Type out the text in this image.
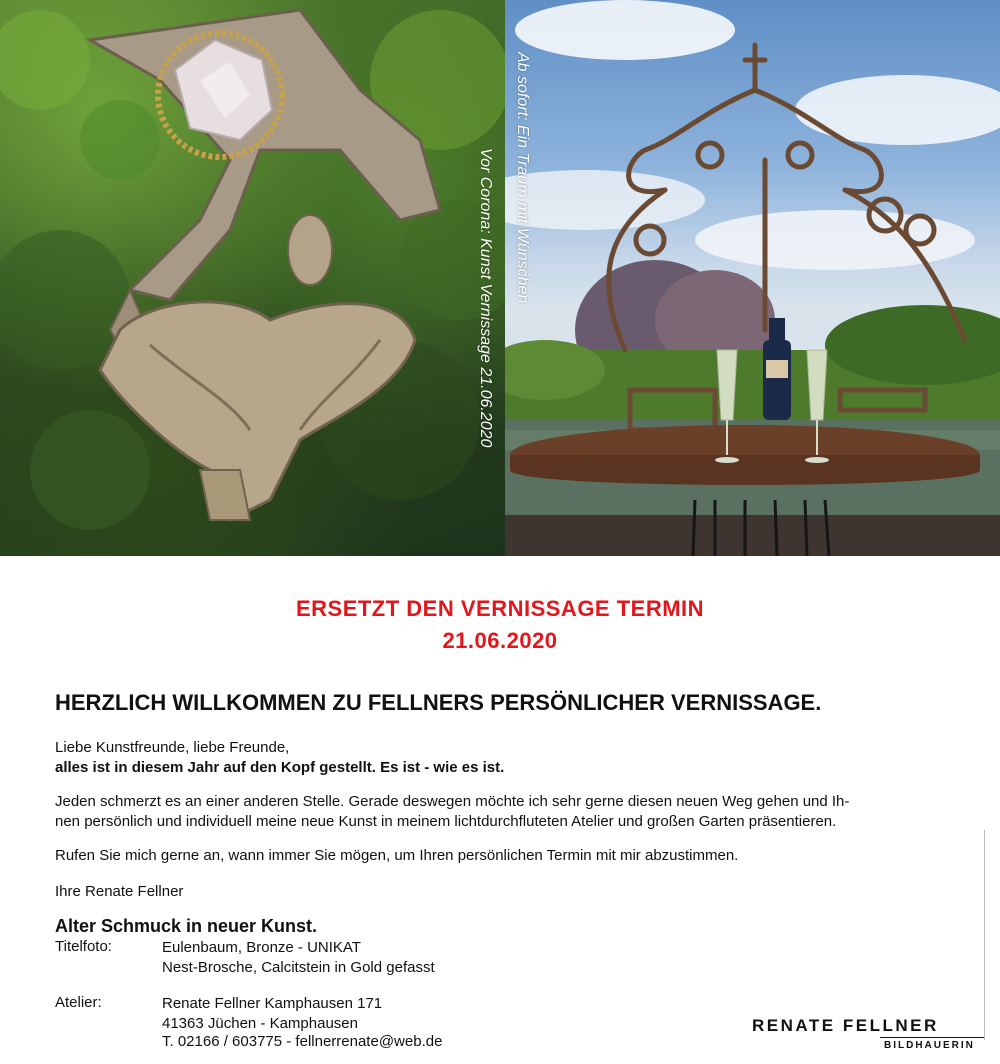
Vor Corona: Kunst Vernissage 21.06.2020 Ab sofort: Ein Traum mit Wünschen
ERSETZT DEN VERNISSAGE TERMIN
21.06.2020
HERZLICH WILLKOMMEN ZU FELLNERS PERSÖNLICHER VERNISSAGE.
Liebe Kunstfreunde, liebe Freunde,
alles ist in diesem Jahr auf den Kopf gestellt. Es ist - wie es ist.
Jeden schmerzt es an einer anderen Stelle. Gerade deswegen möchte ich sehr gerne diesen neuen Weg gehen und Ih-
nen persönlich und individuell meine neue Kunst in meinem lichtdurchfluteten Atelier und großen Garten präsentieren.
Rufen Sie mich gerne an, wann immer Sie mögen, um Ihren persönlichen Termin mit mir abzustimmen.
Ihre Renate Fellner
Alter Schmuck in neuer Kunst.
Titelfoto:	Eulenbaum, Bronze - UNIKAT
Nest-Brosche, Calcitstein in Gold gefasst
Atelier:	Renate Fellner Kamphausen 171
41363 Jüchen - Kamphausen
T. 02166 / 603775 - fellnerrenate@web.de
RENATE FELLNER
BILDHAUERIN
